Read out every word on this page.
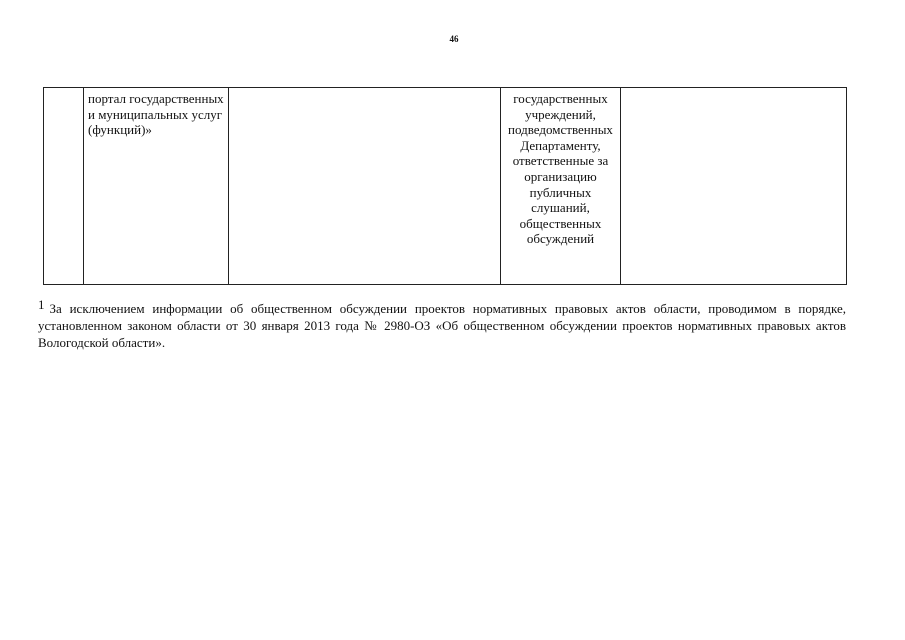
46
	портал государственных и муниципальных услуг (функций)»		государственных учреждений, подведомственных Департаменту, ответственные за организацию публичных слушаний, общественных обсуждений	
1 За исключением информации об общественном обсуждении проектов нормативных правовых актов области, проводимом в порядке, установленном законом области от 30 января 2013 года № 2980-ОЗ «Об общественном обсуждении проектов нормативных правовых актов Вологодской области».
